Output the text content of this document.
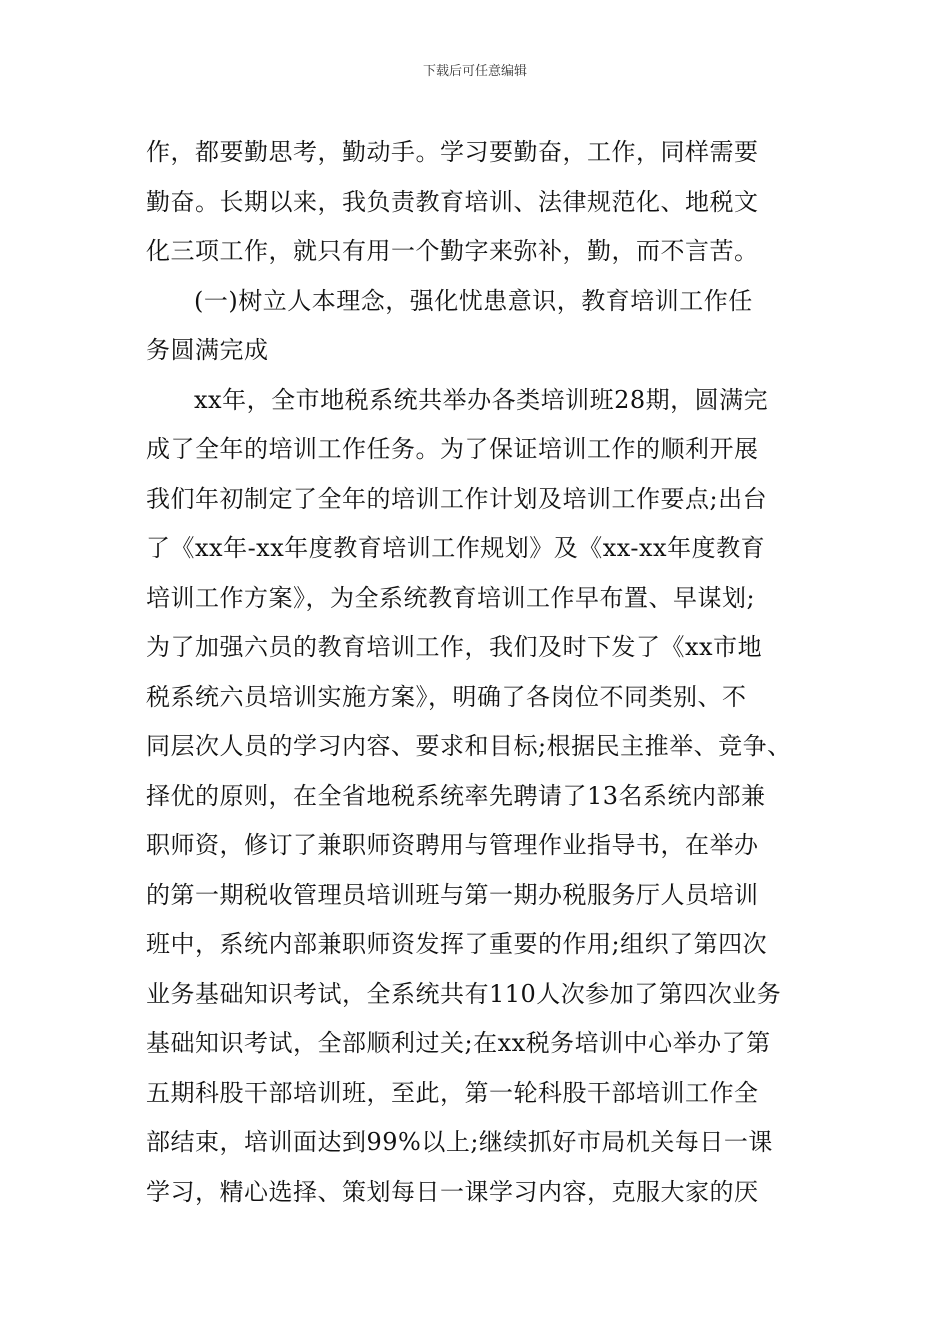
下载后可任意编辑
作，都要勤思考，勤动手。学习要勤奋，工作，同样需要
勤奋。长期以来，我负责教育培训、法律规范化、地税文
化三项工作，就只有用一个勤字来弥补，勤，而不言苦。
(一)树立人本理念，强化忧患意识，教育培训工作任
务圆满完成
xx年，全市地税系统共举办各类培训班28期，圆满完
成了全年的培训工作任务。为了保证培训工作的顺利开展
我们年初制定了全年的培训工作计划及培训工作要点;出台
了《xx年-xx年度教育培训工作规划》及《xx-xx年度教育
培训工作方案》，为全系统教育培训工作早布置、早谋划;
为了加强六员的教育培训工作，我们及时下发了《xx市地
税系统六员培训实施方案》，明确了各岗位不同类别、不
同层次人员的学习内容、要求和目标;根据民主推举、竞争、
择优的原则，在全省地税系统率先聘请了13名系统内部兼
职师资，修订了兼职师资聘用与管理作业指导书，在举办
的第一期税收管理员培训班与第一期办税服务厅人员培训
班中，系统内部兼职师资发挥了重要的作用;组织了第四次
业务基础知识考试，全系统共有110人次参加了第四次业务
基础知识考试，全部顺利过关;在xx税务培训中心举办了第
五期科股干部培训班，至此，第一轮科股干部培训工作全
部结束，培训面达到99%以上;继续抓好市局机关每日一课
学习，精心选择、策划每日一课学习内容，克服大家的厌
